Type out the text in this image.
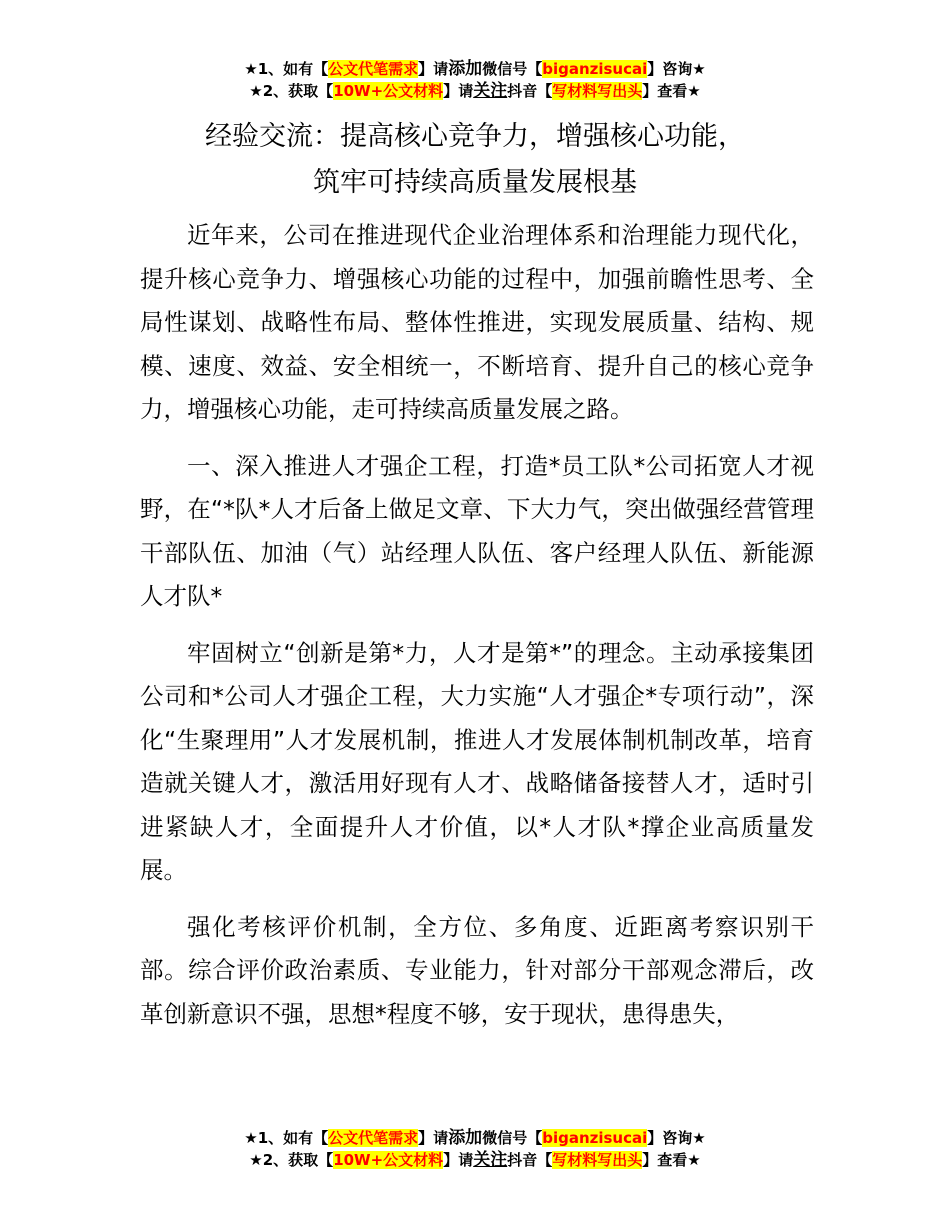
★1、如有【公文代笔需求】请添加微信号【biganzisucai】咨询★
★2、获取【10W+公文材料】请关注抖音【写材料写出头】查看★
经验交流：提高核心竞争力，增强核心功能，
筑牢可持续高质量发展根基

近年来，公司在推进现代企业治理体系和治理能力现代化，提升核心竞争力、增强核心功能的过程中，加强前瞻性思考、全局性谋划、战略性布局、整体性推进，实现发展质量、结构、规模、速度、效益、安全相统一，不断培育、提升自己的核心竞争力，增强核心功能，走可持续高质量发展之路。

一、深入推进人才强企工程，打造*员工队*公司拓宽人才视野，在“*队*人才后备上做足文章、下大力气，突出做强经营管理干部队伍、加油（气）站经理人队伍、客户经理人队伍、新能源人才队*

牢固树立“创新是第*力，人才是第*”的理念。主动承接集团公司和*公司人才强企工程，大力实施“人才强企*专项行动”，深化“生聚理用”人才发展机制，推进人才发展体制机制改革，培育造就关键人才，激活用好现有人才、战略储备接替人才，适时引进紧缺人才，全面提升人才价值，以*人才队*撑企业高质量发展。

强化考核评价机制，全方位、多角度、近距离考察识别干部。综合评价政治素质、专业能力，针对部分干部观念滞后，改革创新意识不强，思想*程度不够，安于现状，患得患失，

★1、如有【公文代笔需求】请添加微信号【biganzisucai】咨询★
★2、获取【10W+公文材料】请关注抖音【写材料写出头】查看★
